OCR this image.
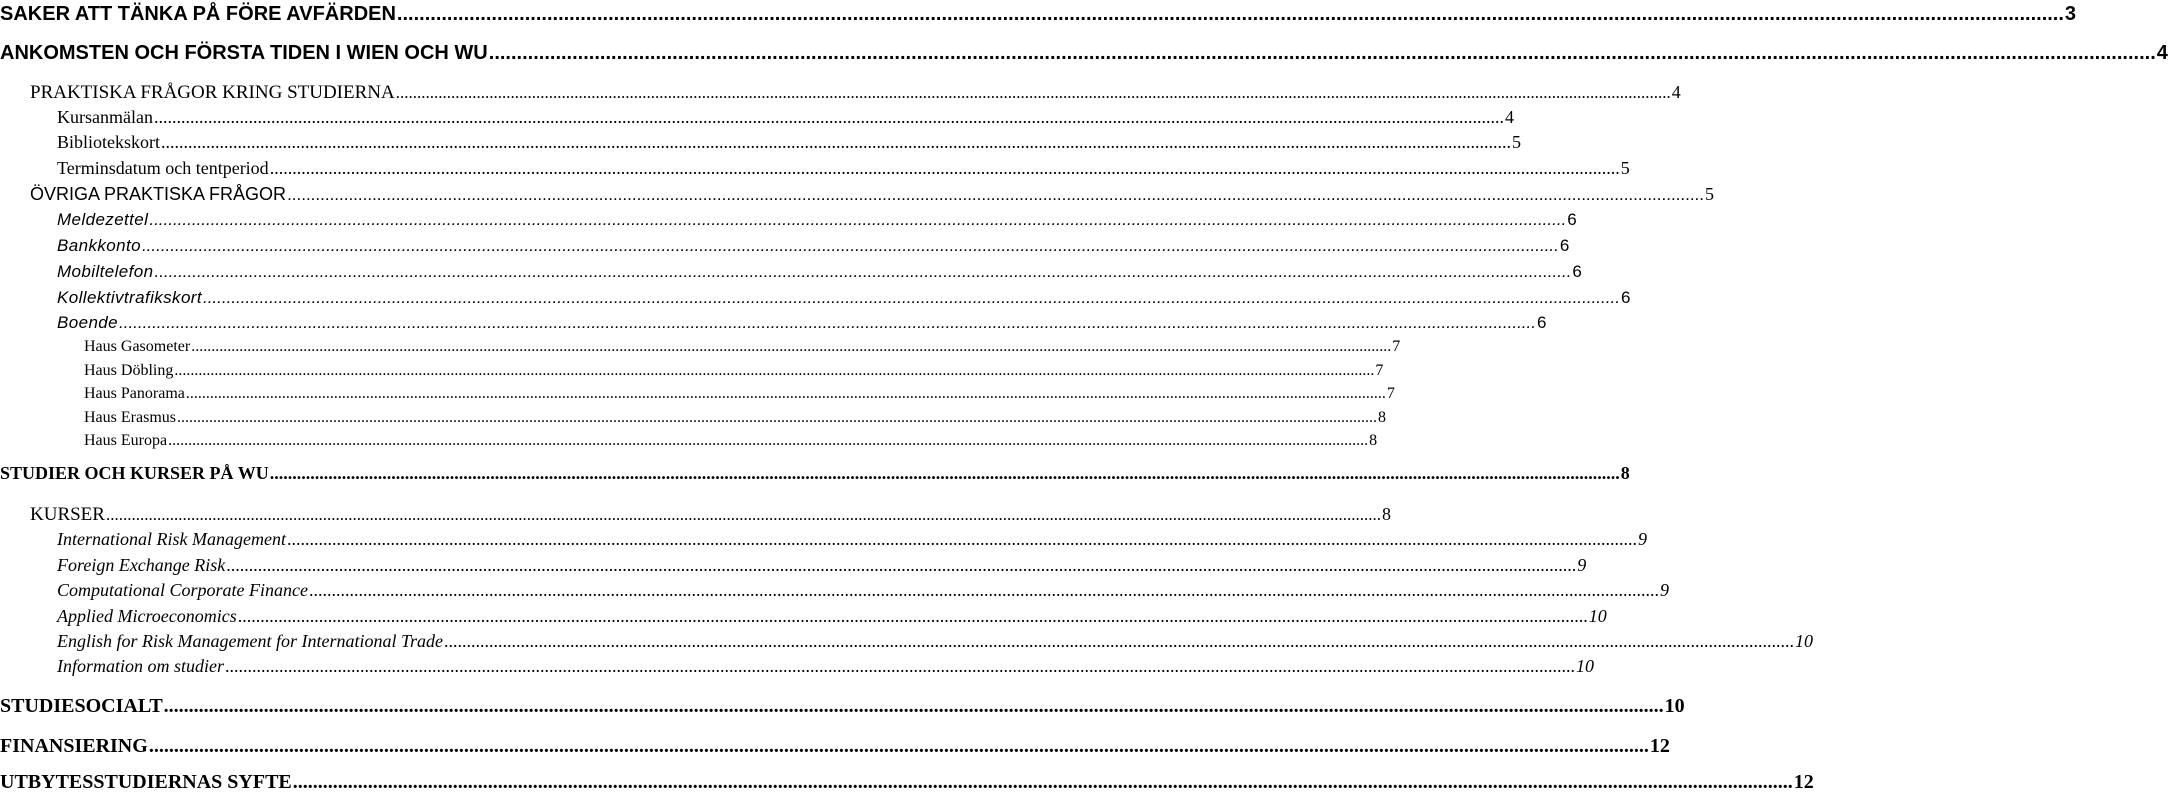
SAKER ATT TÄNKA PÅ FÖRE AVFÄRDEN ............................................................................................................................................................................................................................................................................................................ 3
ANKOMSTEN OCH FÖRSTA TIDEN I WIEN OCH WU ............................................................................................................................................................................................................................................................................................................ 4
PRAKTISKA FRÅGOR KRING STUDIERNA ............................................................................................................................................................................................................................................................................................................ 4
Kursanmälan ............................................................................................................................................................................................................................................................................................................ 4
Bibliotekskort ............................................................................................................................................................................................................................................................................................................ 5
Terminsdatum och tentperiod ............................................................................................................................................................................................................................................................................................................ 5
ÖVRIGA PRAKTISKA FRÅGOR ............................................................................................................................................................................................................................................................................................................ 5
Meldezettel ............................................................................................................................................................................................................................................................................................................ 6
Bankkonto ............................................................................................................................................................................................................................................................................................................ 6
Mobiltelefon ............................................................................................................................................................................................................................................................................................................ 6
Kollektivtrafikskort ............................................................................................................................................................................................................................................................................................................ 6
Boende ............................................................................................................................................................................................................................................................................................................ 6
Haus Gasometer ............................................................................................................................................................................................................................................................................................................ 7
Haus Döbling ............................................................................................................................................................................................................................................................................................................ 7
Haus Panorama ............................................................................................................................................................................................................................................................................................................ 7
Haus Erasmus ............................................................................................................................................................................................................................................................................................................ 8
Haus Europa ............................................................................................................................................................................................................................................................................................................ 8
STUDIER OCH KURSER PÅ WU ............................................................................................................................................................................................................................................................................................................ 8
KURSER ............................................................................................................................................................................................................................................................................................................ 8
International Risk Management ............................................................................................................................................................................................................................................................................................................ 9
Foreign Exchange Risk ............................................................................................................................................................................................................................................................................................................ 9
Computational Corporate Finance ............................................................................................................................................................................................................................................................................................................ 9
Applied Microeconomics ............................................................................................................................................................................................................................................................................................................ 10
English for Risk Management for International Trade ............................................................................................................................................................................................................................................................................................................ 10
Information om studier ............................................................................................................................................................................................................................................................................................................ 10
STUDIESOCIALT ............................................................................................................................................................................................................................................................................................................ 10
FINANSIERING ............................................................................................................................................................................................................................................................................................................ 12
UTBYTESSTUDIERNAS SYFTE ............................................................................................................................................................................................................................................................................................................ 12
